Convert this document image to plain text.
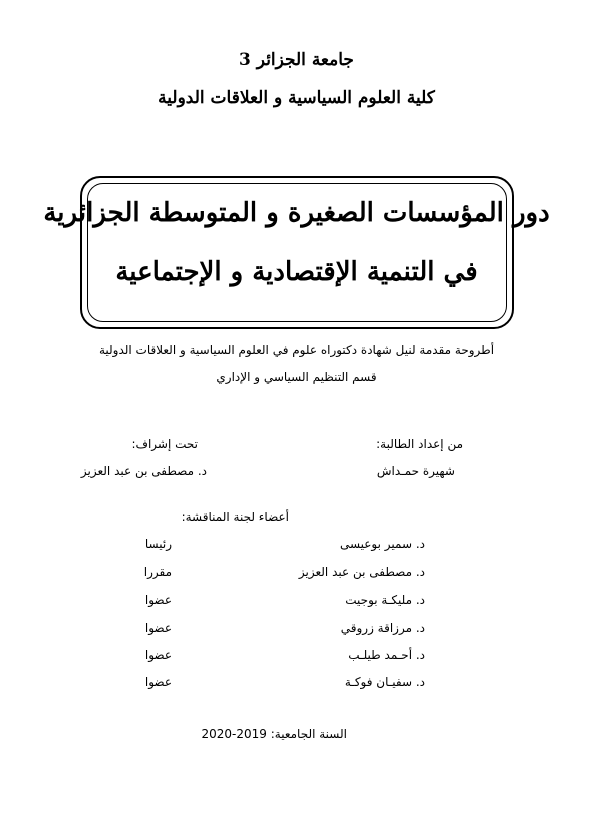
جامعة الجزائر 3
كلية العلوم السياسية و العلاقات الدولية
دور المؤسسات الصغيرة و المتوسطة الجزائرية
في التنمية الإقتصادية و الإجتماعية
أطروحة مقدمة لنيل شهادة دكتوراه علوم في العلوم السياسية و العلاقات الدولية
قسم التنظيم السياسي و الإداري
من إعداد الطالبة:
شهيرة حمـداش
تحت إشراف:
د. مصطفى بن عبد العزيز
أعضاء لجنة المناقشة:
د. سمير بوعيسى
رئيسا
د. مصطفى بن عبد العزيز
مقررا
د. مليكـة بوجيت
عضوا
د. مرزاقة زروقي
عضوا
د. أحـمد طيلـب
عضوا
د. سفيـان فوكـة
عضوا
السنة الجامعية: 2019-2020
